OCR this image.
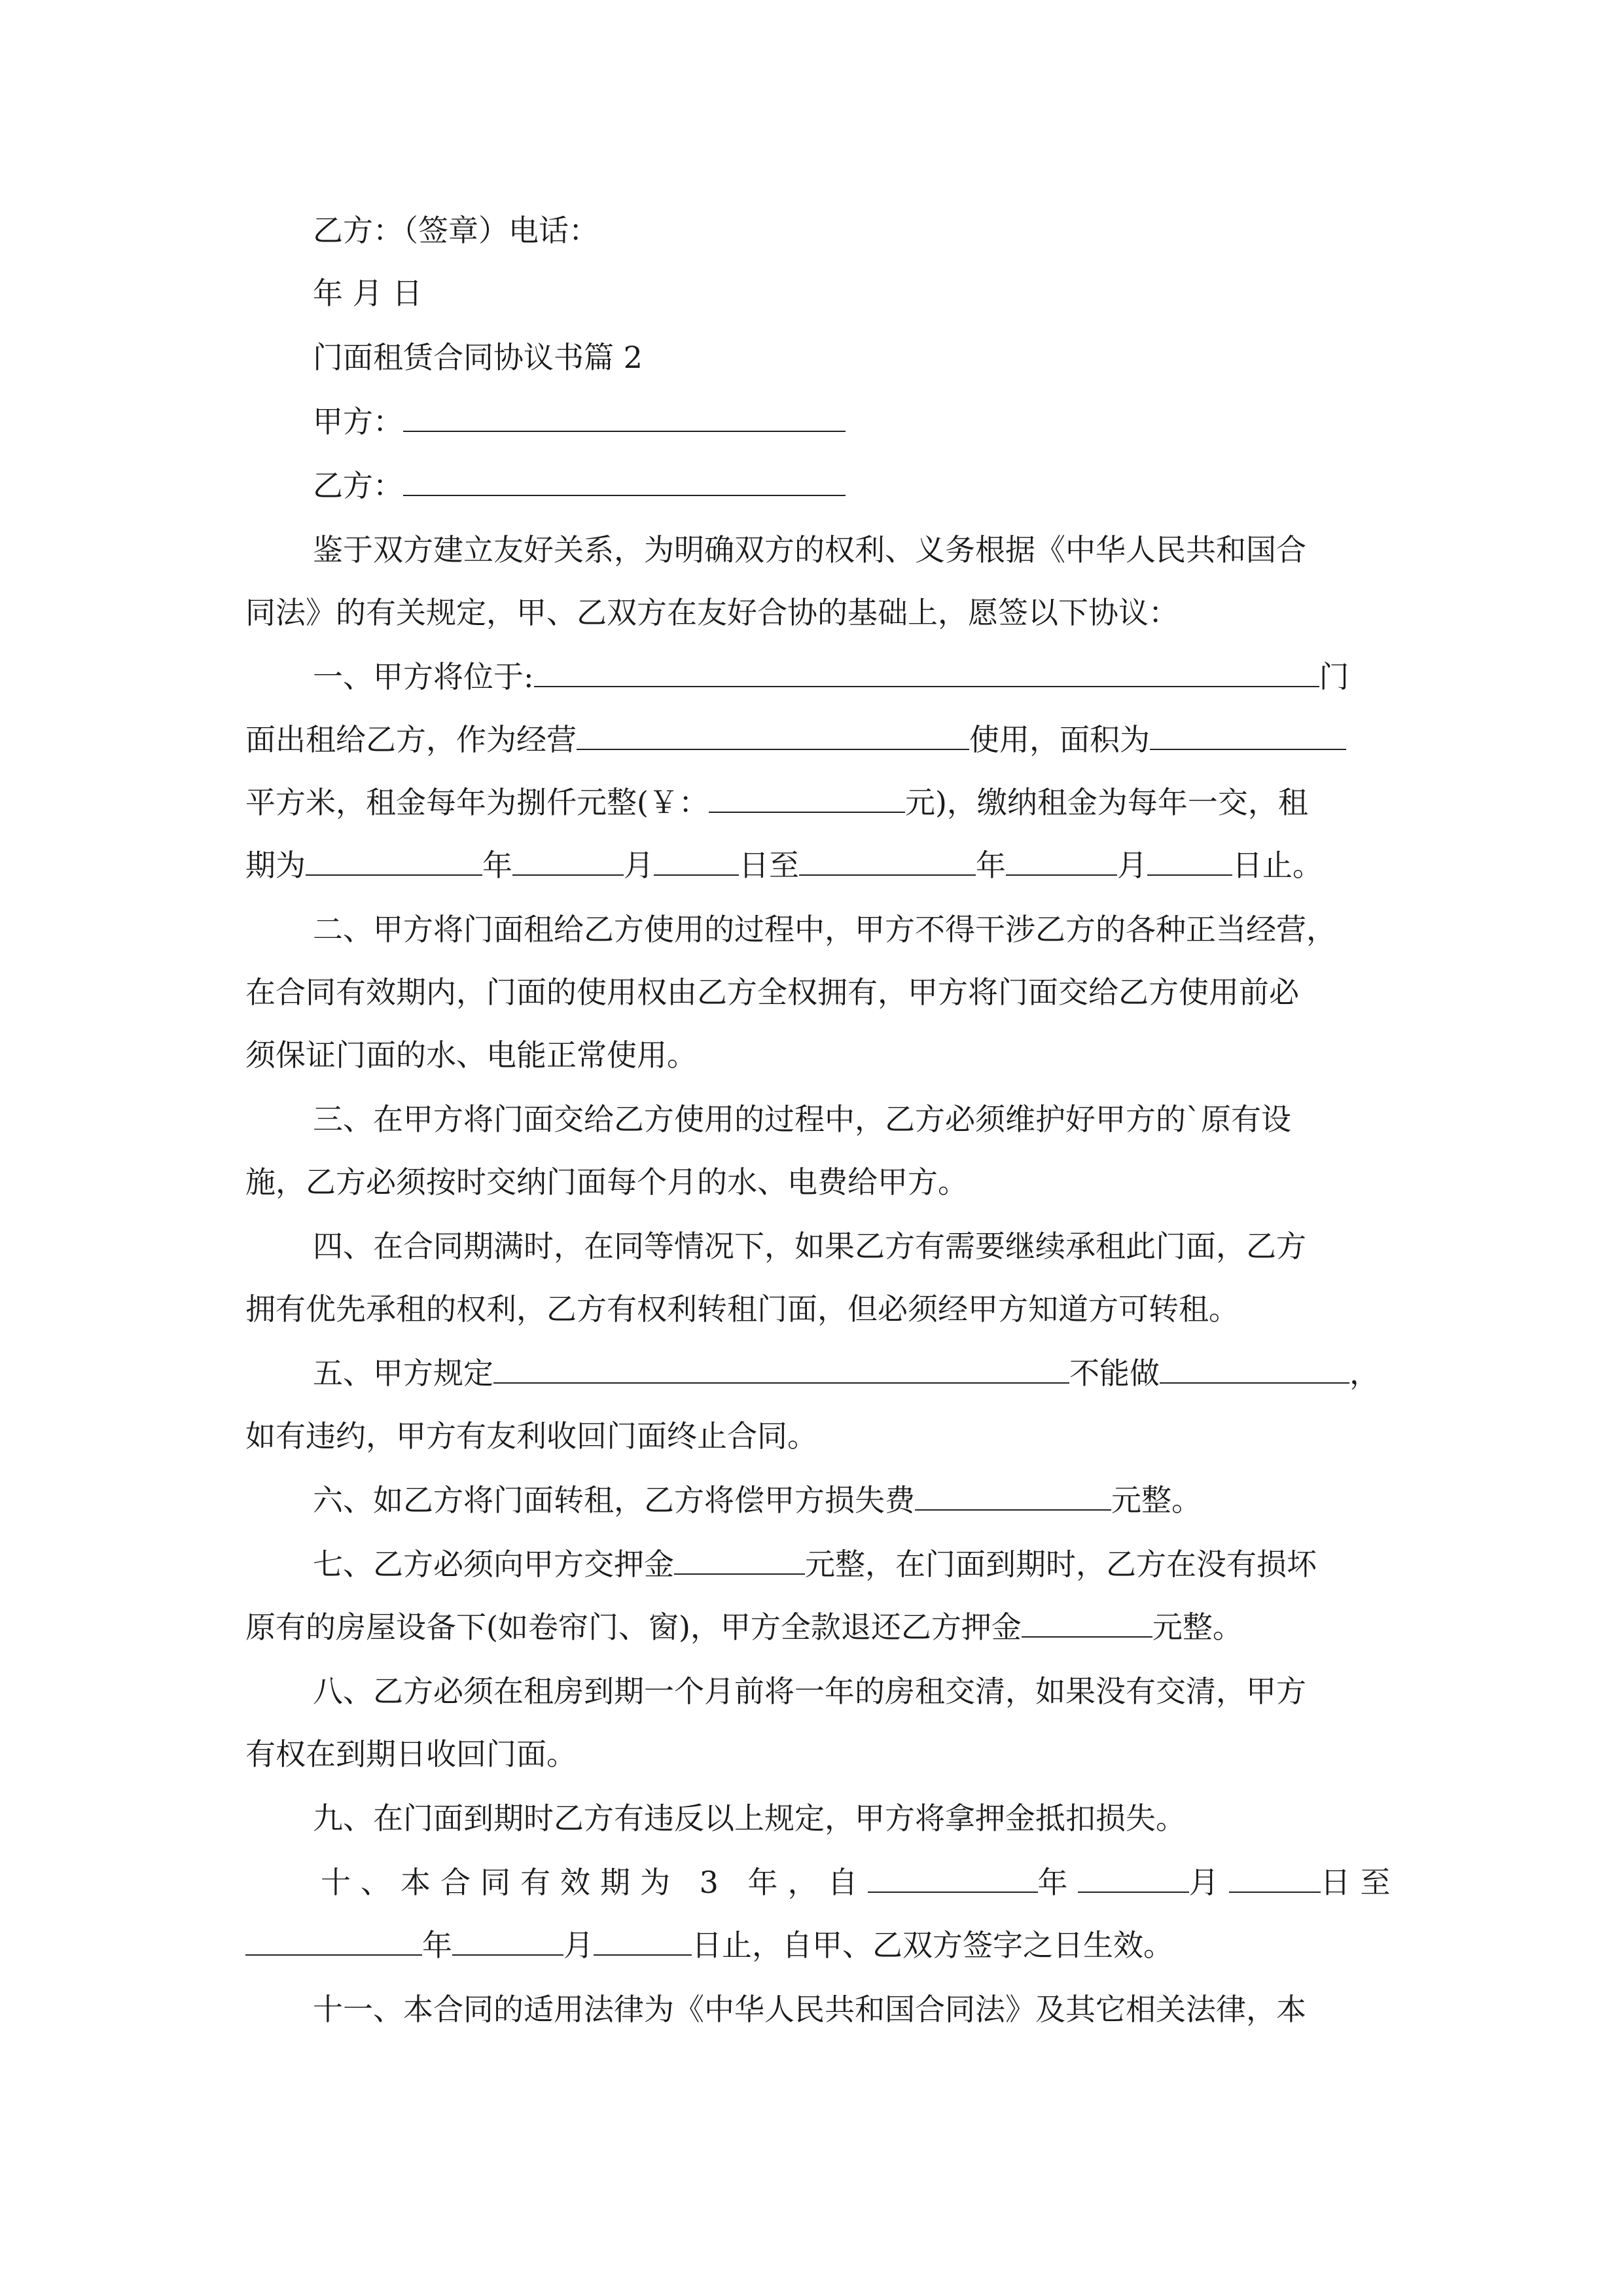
乙方：（签章）电话：
年 月 日
门面租赁合同协议书篇 2
甲方：
乙方：
鉴于双方建立友好关系，为明确双方的权利、义务根据《中华人民共和国合
同法》的有关规定，甲、乙双方在友好合协的基础上，愿签以下协议：
一、甲方将位于:	门
面出租给乙方，作为经营	使用，面积为
平方米，租金每年为捌仟元整(￥：	元)，缴纳租金为每年一交，租
期为	年	月	日至	年	月	日止。
二、甲方将门面租给乙方使用的过程中，甲方不得干涉乙方的各种正当经营，
在合同有效期内，门面的使用权由乙方全权拥有，甲方将门面交给乙方使用前必
须保证门面的水、电能正常使用。
三、在甲方将门面交给乙方使用的过程中，乙方必须维护好甲方的`原有设
施，乙方必须按时交纳门面每个月的水、电费给甲方。
四、在合同期满时，在同等情况下，如果乙方有需要继续承租此门面，乙方
拥有优先承租的权利，乙方有权利转租门面，但必须经甲方知道方可转租。
五、甲方规定	不能做	，
如有违约，甲方有友利收回门面终止合同。
六、如乙方将门面转租，乙方将偿甲方损失费	元整。
七、乙方必须向甲方交押金	元整，在门面到期时，乙方在没有损坏
原有的房屋设备下(如卷帘门、窗)，甲方全款退还乙方押金	元整。
八、乙方必须在租房到期一个月前将一年的房租交清，如果没有交清，甲方
有权在到期日收回门面。
九、在门面到期时乙方有违反以上规定，甲方将拿押金抵扣损失。
十、本合同有效期为 3 年，自	年	月	日至
年	月	日止，自甲、乙双方签字之日生效。
十一、本合同的适用法律为《中华人民共和国合同法》及其它相关法律，本
